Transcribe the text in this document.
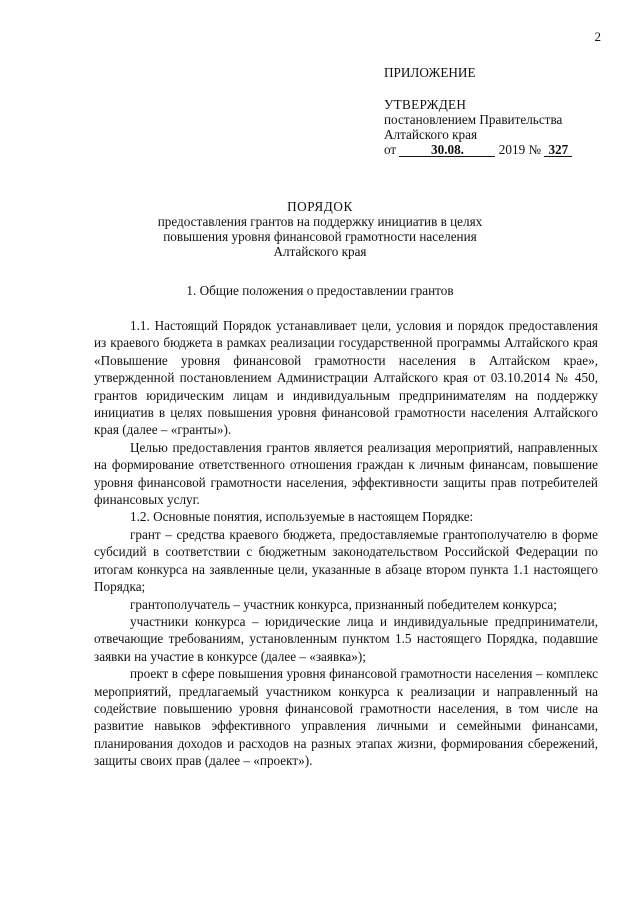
2
ПРИЛОЖЕНИЕ
УТВЕРЖДЕН
постановлением Правительства
Алтайского края
от	30.08.	2019 № 327
ПОРЯДОК
предоставления грантов на поддержку инициатив в целях
повышения уровня финансовой грамотности населения
Алтайского края
1. Общие положения о предоставлении грантов

1.1. Настоящий Порядок устанавливает цели, условия и порядок предоставления из краевого бюджета в рамках реализации государственной программы Алтайского края «Повышение уровня финансовой грамотности населения в Алтайском крае», утвержденной постановлением Администрации Алтайского края от 03.10.2014 № 450, грантов юридическим лицам и индивидуальным предпринимателям на поддержку инициатив в целях повышения уровня финансовой грамотности населения Алтайского края (далее – «гранты»).

Целью предоставления грантов является реализация мероприятий, направленных на формирование ответственного отношения граждан к личным финансам, повышение уровня финансовой грамотности населения, эффективности защиты прав потребителей финансовых услуг.

1.2. Основные понятия, используемые в настоящем Порядке:

грант – средства краевого бюджета, предоставляемые грантополучателю в форме субсидий в соответствии с бюджетным законодательством Российской Федерации по итогам конкурса на заявленные цели, указанные в абзаце втором пункта 1.1 настоящего Порядка;

грантополучатель – участник конкурса, признанный победителем конкурса;

участники конкурса – юридические лица и индивидуальные предприниматели, отвечающие требованиям, установленным пунктом 1.5 настоящего Порядка, подавшие заявки на участие в конкурсе (далее – «заявка»);

проект в сфере повышения уровня финансовой грамотности населения – комплекс мероприятий, предлагаемый участником конкурса к реализации и направленный на содействие повышению уровня финансовой грамотности населения, в том числе на развитие навыков эффективного управления личными и семейными финансами, планирования доходов и расходов на разных этапах жизни, формирования сбережений, защиты своих прав (далее – «проект»).
